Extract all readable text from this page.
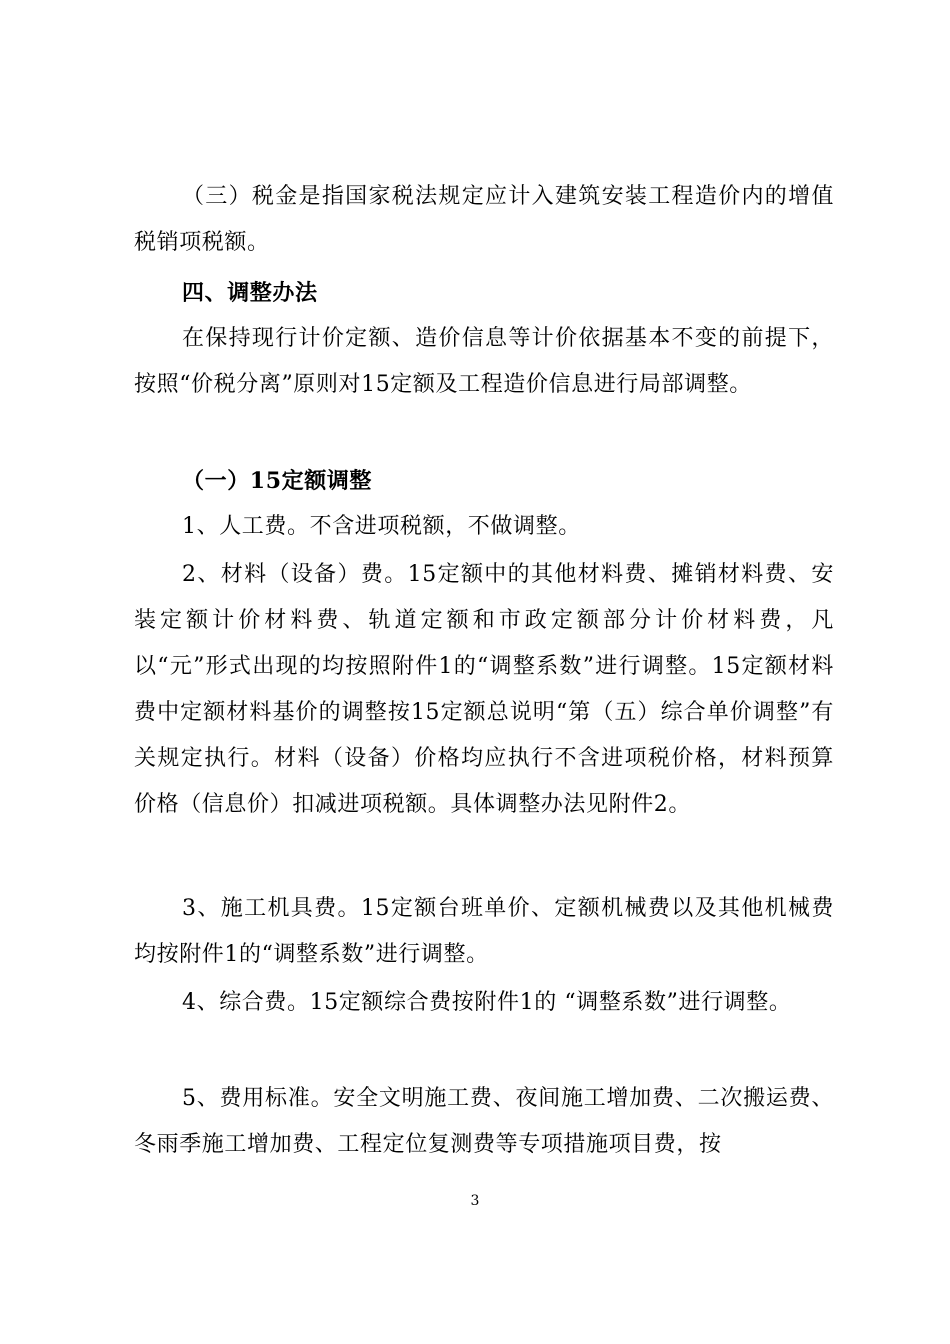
（三）税金是指国家税法规定应计入建筑安装工程造价内的增值税销项税额。

四、调整办法

在保持现行计价定额、造价信息等计价依据基本不变的前提下，按照“价税分离”原则对15定额及工程造价信息进行局部调整。

（一）15定额调整

1、人工费。不含进项税额，不做调整。

2、材料（设备）费。15定额中的其他材料费、摊销材料费、安装定额计价材料费、轨道定额和市政定额部分计价材料费，凡以“元”形式出现的均按照附件1的“调整系数”进行调整。15定额材料费中定额材料基价的调整按15定额总说明“第（五）综合单价调整”有关规定执行。材料（设备）价格均应执行不含进项税价格，材料预算价格（信息价）扣减进项税额。具体调整办法见附件2。

3、施工机具费。15定额台班单价、定额机械费以及其他机械费均按附件1的“调整系数”进行调整。

4、综合费。15定额综合费按附件1的 “调整系数”进行调整。

5、费用标准。安全文明施工费、夜间施工增加费、二次搬运费、冬雨季施工增加费、工程定位复测费等专项措施项目费，按

3
